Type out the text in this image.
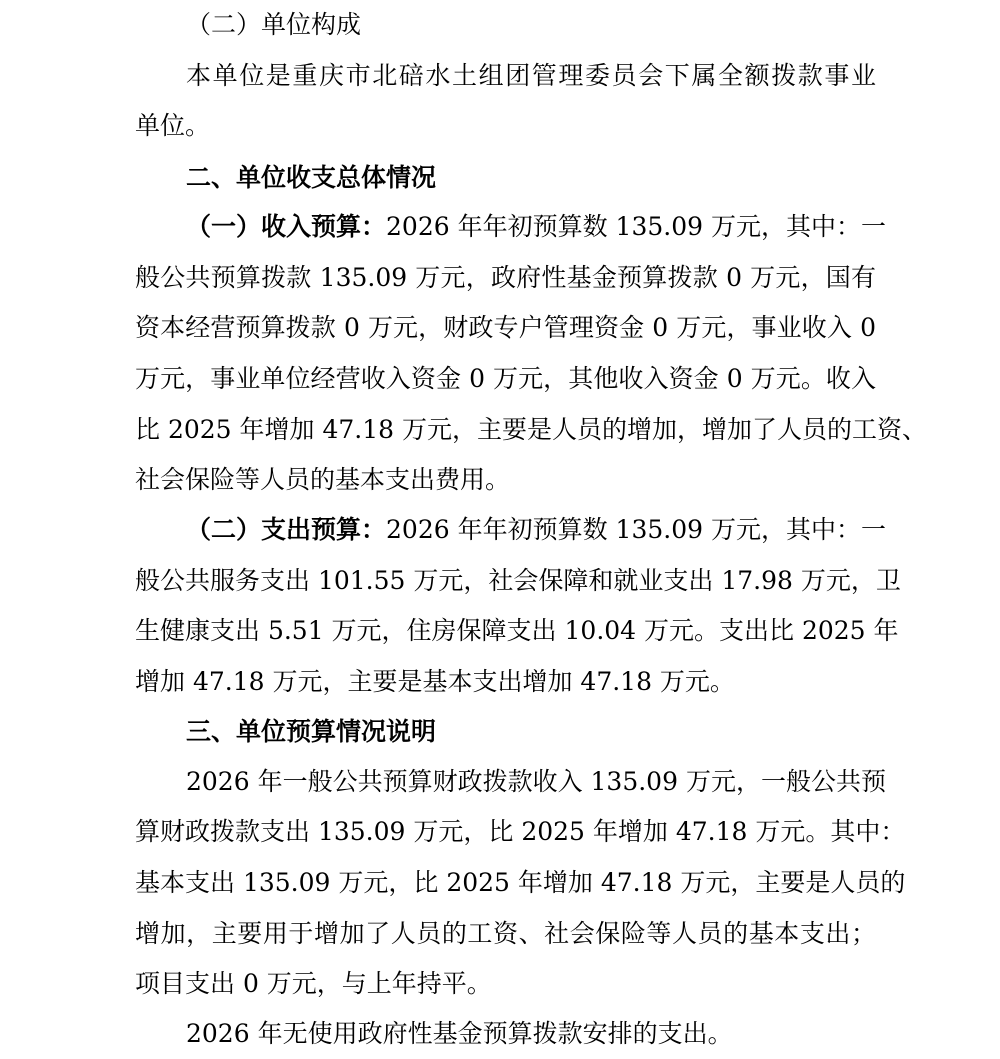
（二）单位构成
本单位是重庆市北碚水土组团管理委员会下属全额拨款事业
单位。
二、单位收支总体情况
（一）收入预算：2026 年年初预算数 135.09 万元，其中：一
般公共预算拨款 135.09 万元，政府性基金预算拨款 0 万元，国有
资本经营预算拨款 0 万元，财政专户管理资金 0 万元，事业收入 0
万元，事业单位经营收入资金 0 万元，其他收入资金 0 万元。收入
比 2025 年增加 47.18 万元，主要是人员的增加，增加了人员的工资、
社会保险等人员的基本支出费用。
（二）支出预算：2026 年年初预算数 135.09 万元，其中：一
般公共服务支出 101.55 万元，社会保障和就业支出 17.98 万元，卫
生健康支出 5.51 万元，住房保障支出 10.04 万元。支出比 2025 年
增加 47.18 万元，主要是基本支出增加 47.18 万元。
三、单位预算情况说明
2026 年一般公共预算财政拨款收入 135.09 万元，一般公共预
算财政拨款支出 135.09 万元，比 2025 年增加 47.18 万元。其中：
基本支出 135.09 万元，比 2025 年增加 47.18 万元，主要是人员的
增加，主要用于增加了人员的工资、社会保险等人员的基本支出；
项目支出 0 万元，与上年持平。
2026 年无使用政府性基金预算拨款安排的支出。
